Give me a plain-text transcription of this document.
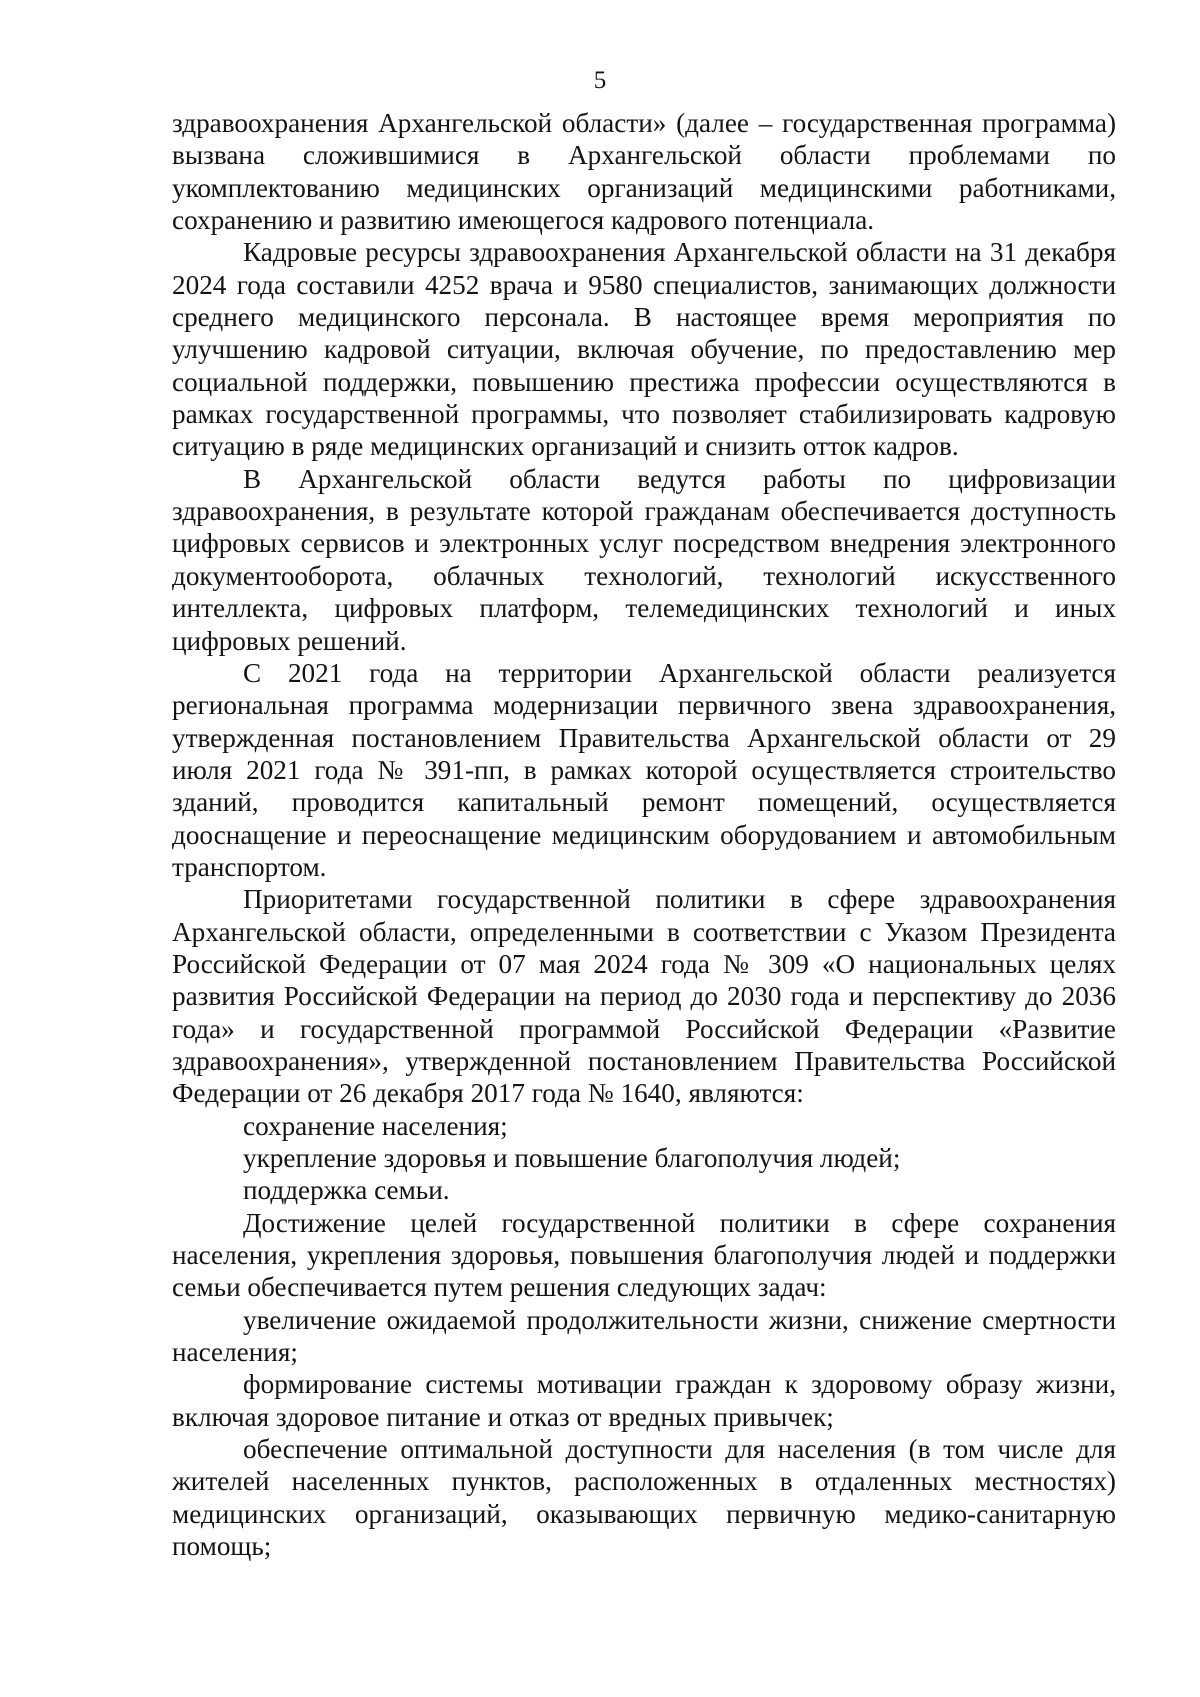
5

здравоохранения Архангельской области» (далее – государственная программа) вызвана сложившимися в Архангельской области проблемами по укомплектованию медицинских организаций медицинскими работниками, сохранению и развитию имеющегося кадрового потенциала.

Кадровые ресурсы здравоохранения Архангельской области на 31 декабря 2024 года составили 4252 врача и 9580 специалистов, занимающих должности среднего медицинского персонала. В настоящее время мероприятия по улучшению кадровой ситуации, включая обучение, по предоставлению мер социальной поддержки, повышению престижа профессии осуществляются в рамках государственной программы, что позволяет стабилизировать кадровую ситуацию в ряде медицинских организаций и снизить отток кадров.

В Архангельской области ведутся работы по цифровизации здравоохранения, в результате которой гражданам обеспечивается доступность цифровых сервисов и электронных услуг посредством внедрения электронного документооборота, облачных технологий, технологий искусственного интеллекта, цифровых платформ, телемедицинских технологий и иных цифровых решений.

С 2021 года на территории Архангельской области реализуется региональная программа модернизации первичного звена здравоохранения, утвержденная постановлением Правительства Архангельской области от 29 июля 2021 года № 391-пп, в рамках которой осуществляется строительство зданий, проводится капитальный ремонт помещений, осуществляется дооснащение и переоснащение медицинским оборудованием и автомобильным транспортом.

Приоритетами государственной политики в сфере здравоохранения Архангельской области, определенными в соответствии с Указом Президента Российской Федерации от 07 мая 2024 года № 309 «О национальных целях развития Российской Федерации на период до 2030 года и перспективу до 2036 года» и государственной программой Российской Федерации «Развитие здравоохранения», утвержденной постановлением Правительства Российской Федерации от 26 декабря 2017 года № 1640, являются:

сохранение населения;

укрепление здоровья и повышение благополучия людей;

поддержка семьи.

Достижение целей государственной политики в сфере сохранения населения, укрепления здоровья, повышения благополучия людей и поддержки семьи обеспечивается путем решения следующих задач:

увеличение ожидаемой продолжительности жизни, снижение смертности населения;

формирование системы мотивации граждан к здоровому образу жизни, включая здоровое питание и отказ от вредных привычек;

обеспечение оптимальной доступности для населения (в том числе для жителей населенных пунктов, расположенных в отдаленных местностях) медицинских организаций, оказывающих первичную медико-санитарную помощь;
